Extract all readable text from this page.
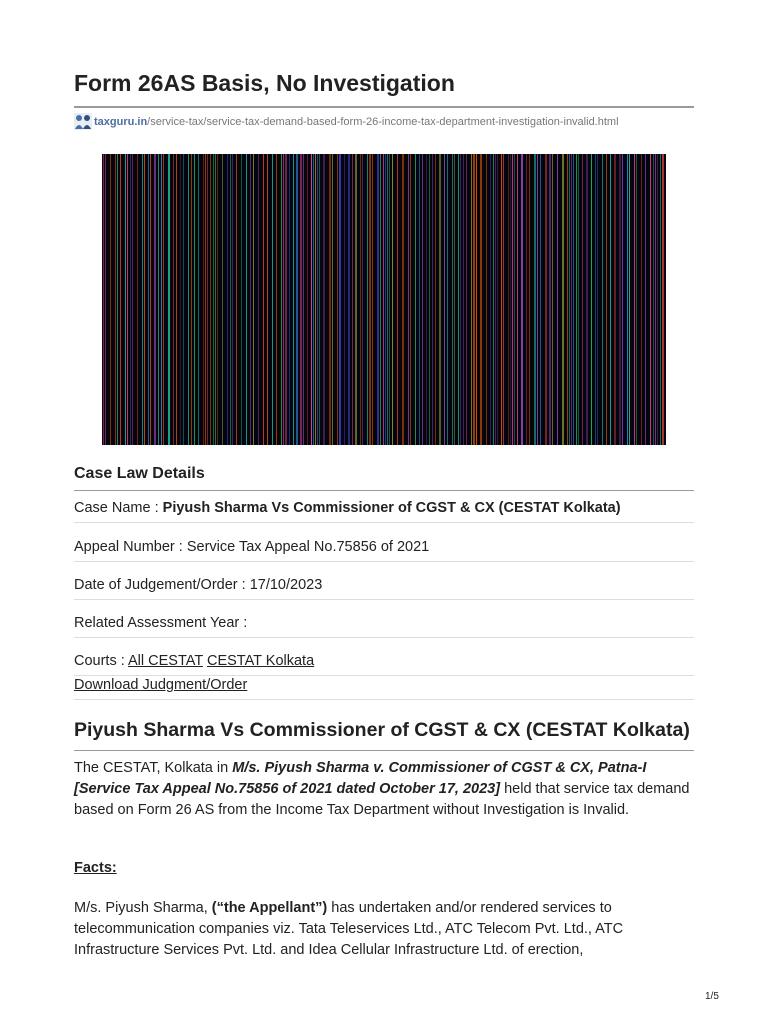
Form 26AS Basis, No Investigation
taxguru.in /service-tax/service-tax-demand-based-form-26-income-tax-department-investigation-invalid.html
Case Law Details
Case Name : Piyush Sharma Vs Commissioner of CGST & CX (CESTAT Kolkata)
Appeal Number : Service Tax Appeal No.75856 of 2021
Date of Judgement/Order : 17/10/2023
Related Assessment Year :
Courts : All CESTAT CESTAT Kolkata
Download Judgment/Order
Piyush Sharma Vs Commissioner of CGST & CX (CESTAT Kolkata)

The CESTAT, Kolkata in M/s. Piyush Sharma v. Commissioner of CGST & CX, Patna-I [Service Tax Appeal No.75856 of 2021 dated October 17, 2023] held that service tax demand based on Form 26 AS from the Income Tax Department without Investigation is Invalid.

Facts:

M/s. Piyush Sharma, (“the Appellant”) has undertaken and/or rendered services to telecommunication companies viz. Tata Teleservices Ltd., ATC Telecom Pvt. Ltd., ATC Infrastructure Services Pvt. Ltd. and Idea Cellular Infrastructure Ltd. of erection,

1/5
